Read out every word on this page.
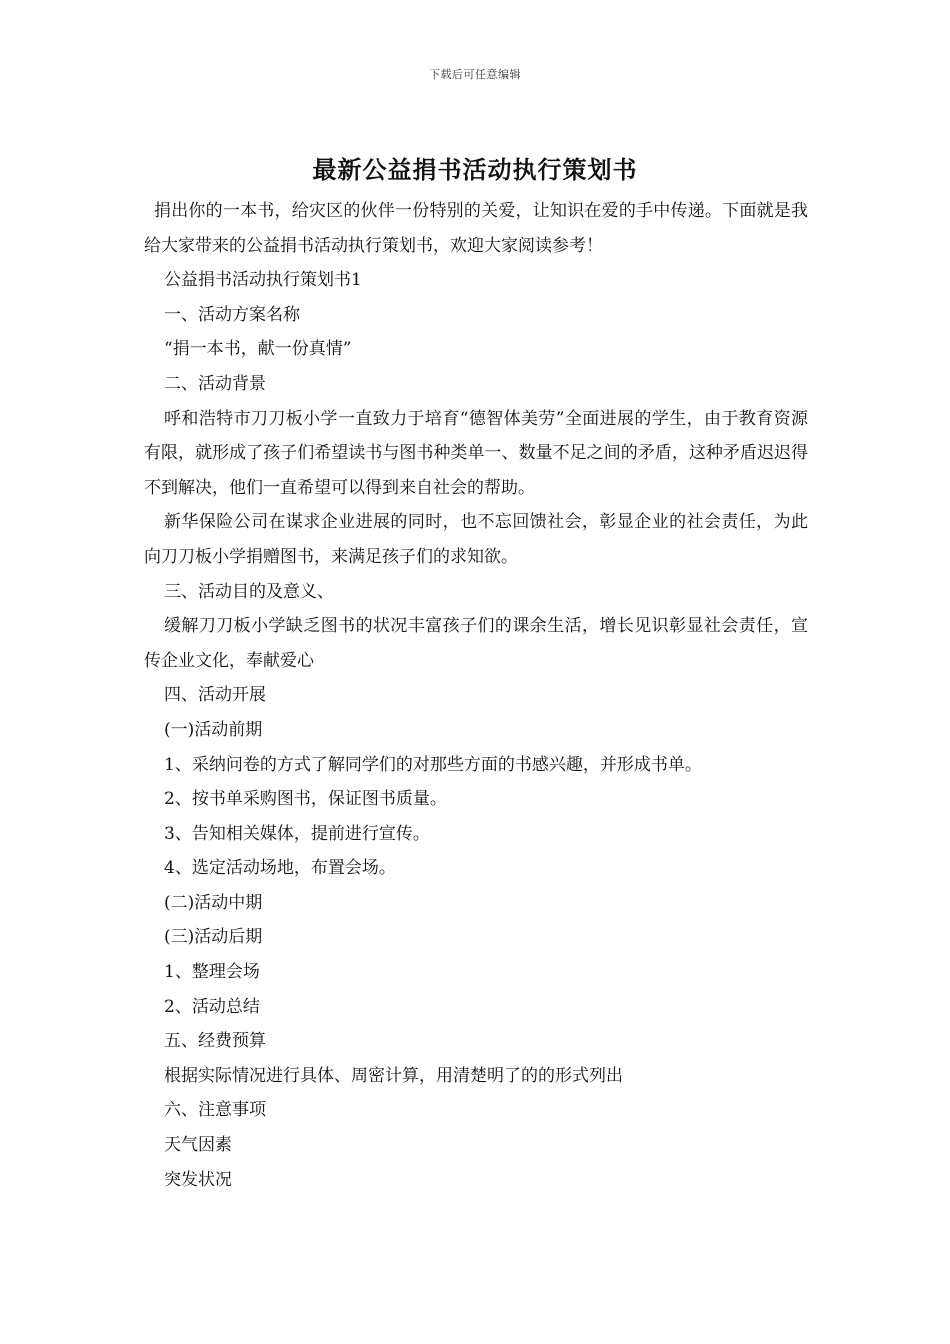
下载后可任意编辑
最新公益捐书活动执行策划书

捐出你的一本书，给灾区的伙伴一份特别的关爱，让知识在爱的手中传递。下面就是我给大家带来的公益捐书活动执行策划书，欢迎大家阅读参考！

公益捐书活动执行策划书1

一、活动方案名称

“捐一本书，献一份真情”

二、活动背景

呼和浩特市刀刀板小学一直致力于培育“德智体美劳”全面进展的学生，由于教育资源有限，就形成了孩子们希望读书与图书种类单一、数量不足之间的矛盾，这种矛盾迟迟得不到解决，他们一直希望可以得到来自社会的帮助。

新华保险公司在谋求企业进展的同时，也不忘回馈社会，彰显企业的社会责任，为此向刀刀板小学捐赠图书，来满足孩子们的求知欲。

三、活动目的及意义、

缓解刀刀板小学缺乏图书的状况丰富孩子们的课余生活，增长见识彰显社会责任，宣传企业文化，奉献爱心

四、活动开展

(一)活动前期

1、采纳问卷的方式了解同学们的对那些方面的书感兴趣，并形成书单。

2、按书单采购图书，保证图书质量。

3、告知相关媒体，提前进行宣传。

4、选定活动场地，布置会场。

(二)活动中期

(三)活动后期

1、整理会场

2、活动总结

五、经费预算

根据实际情况进行具体、周密计算，用清楚明了的的形式列出

六、注意事项

天气因素

突发状况
